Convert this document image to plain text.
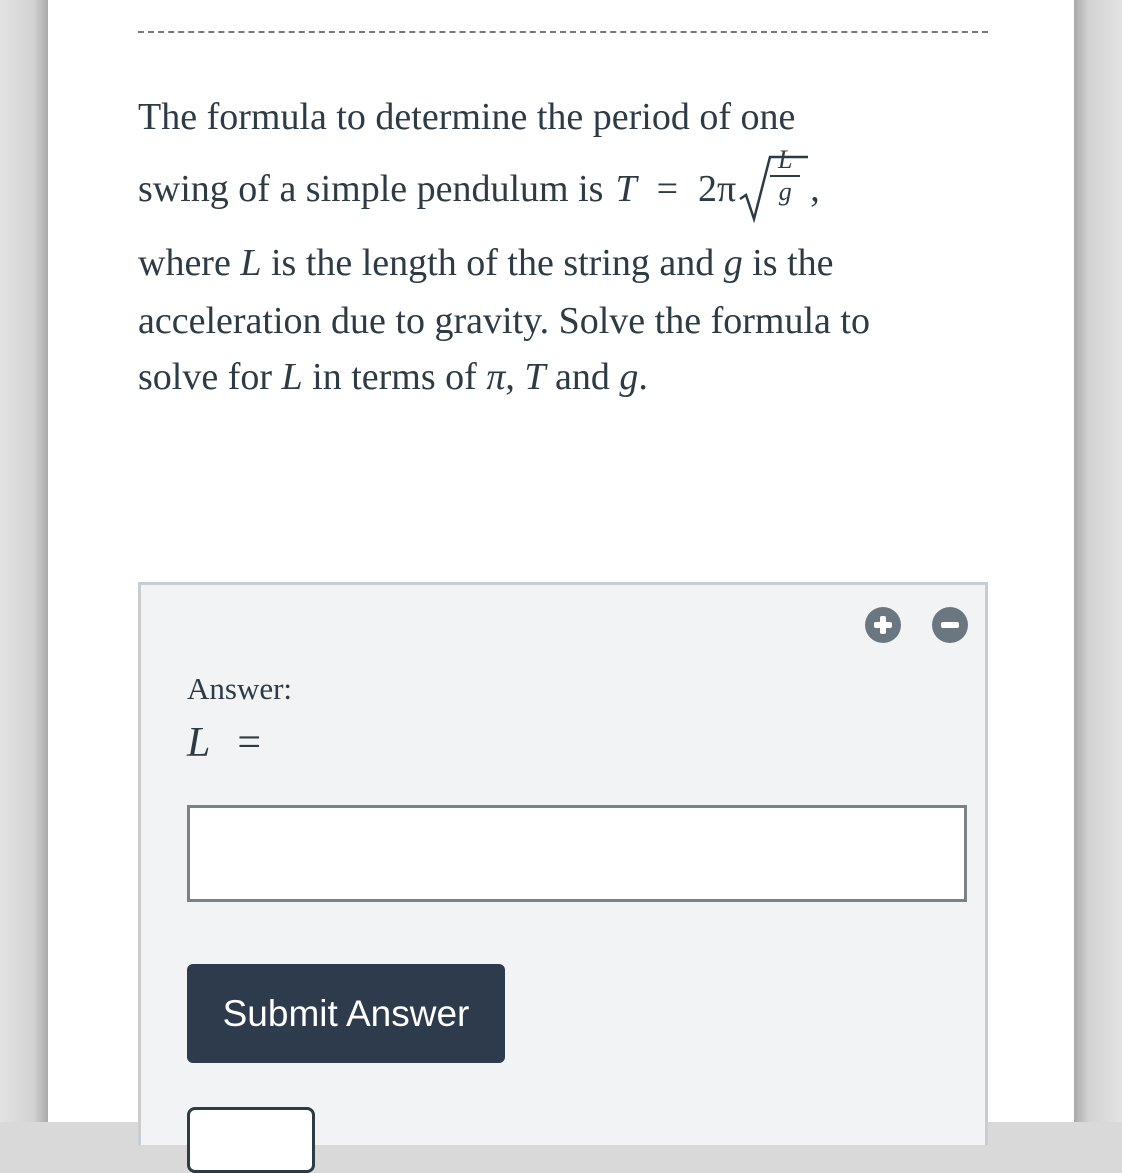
The formula to determine the period of one
swing of a simple pendulum is $T = 2\pi \frac{L}{g}$ ,
where L is the length of the string and g is the
acceleration due to gravity. Solve the formula to
solve for L in terms of π, T and g.
Answer:
L =
Submit Answer
